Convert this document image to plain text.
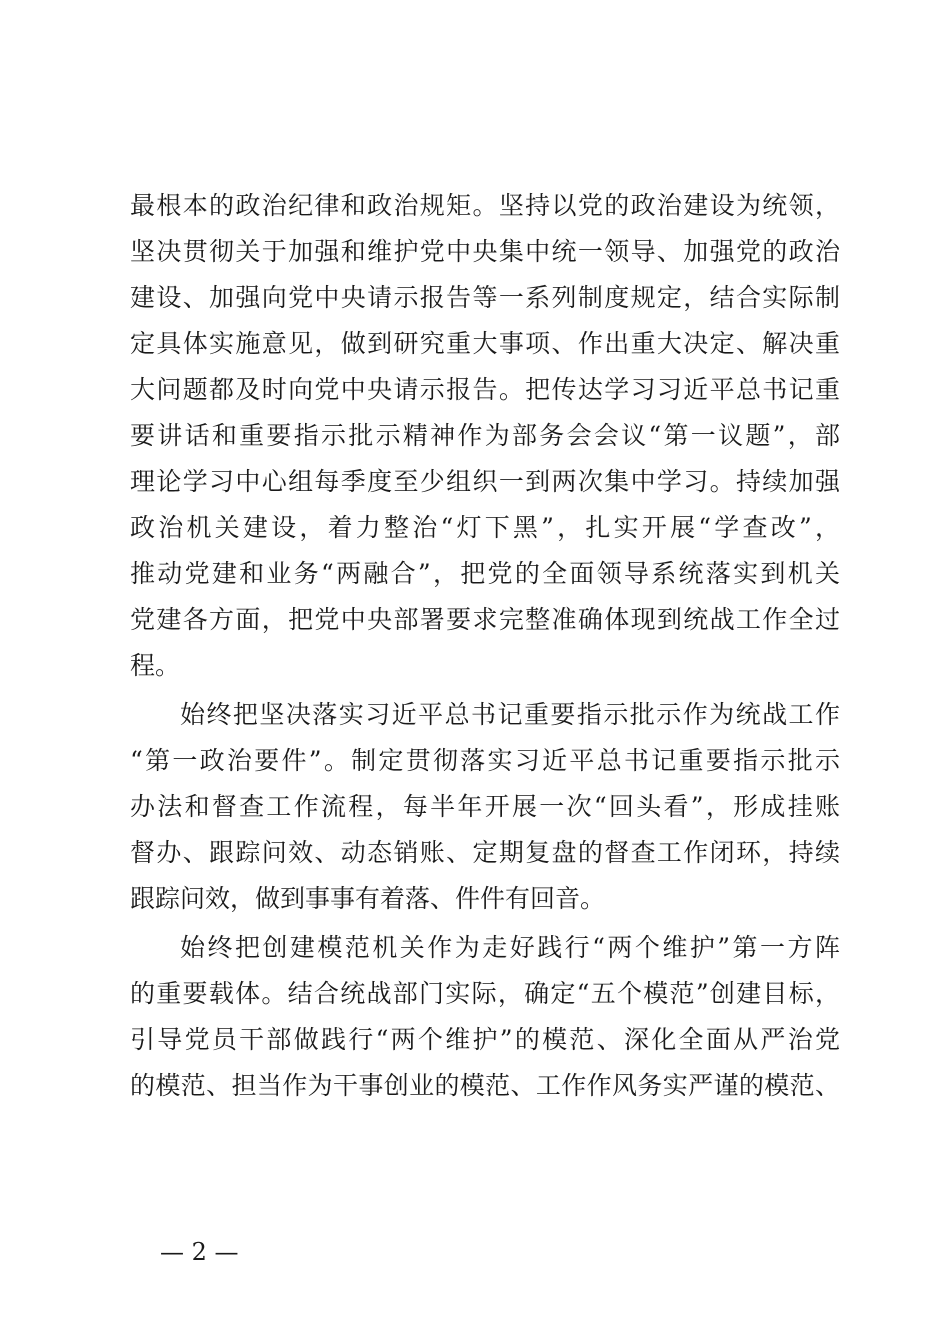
最根本的政治纪律和政治规矩。坚持以党的政治建设为统领，
坚决贯彻关于加强和维护党中央集中统一领导、加强党的政治
建设、加强向党中央请示报告等一系列制度规定，结合实际制
定具体实施意见，做到研究重大事项、作出重大决定、解决重
大问题都及时向党中央请示报告。把传达学习习近平总书记重
要讲话和重要指示批示精神作为部务会会议“第一议题”，部
理论学习中心组每季度至少组织一到两次集中学习。持续加强
政治机关建设，着力整治“灯下黑”，扎实开展“学查改”，
推动党建和业务“两融合”，把党的全面领导系统落实到机关
党建各方面，把党中央部署要求完整准确体现到统战工作全过
程。
始终把坚决落实习近平总书记重要指示批示作为统战工作
“第一政治要件”。制定贯彻落实习近平总书记重要指示批示
办法和督查工作流程，每半年开展一次“回头看”，形成挂账
督办、跟踪问效、动态销账、定期复盘的督查工作闭环，持续
跟踪问效，做到事事有着落、件件有回音。
始终把创建模范机关作为走好践行“两个维护”第一方阵
的重要载体。结合统战部门实际，确定“五个模范”创建目标，
引导党员干部做践行“两个维护”的模范、深化全面从严治党
的模范、担当作为干事创业的模范、工作作风务实严谨的模范、
— 2 —
